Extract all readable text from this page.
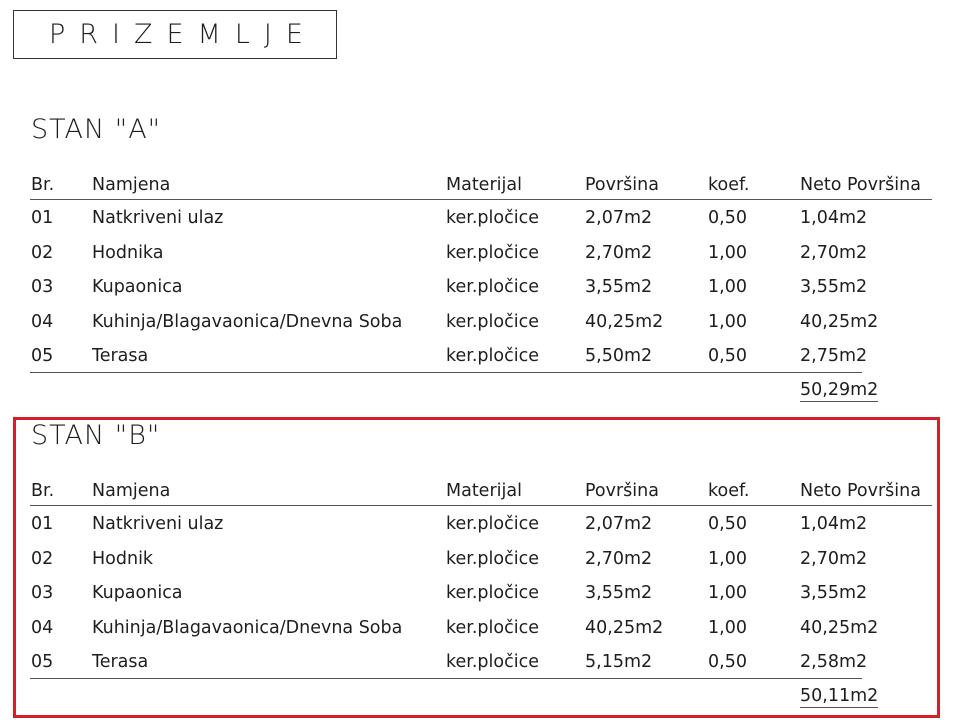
PRIZEMLJE
STAN "A"
Br. Namjena	Materijal	Površina	koef.	Neto Površina
01 Natkriveni ulaz	ker.pločice	2,07m2	0,50	1,04m2
02 Hodnika	ker.pločice	2,70m2	1,00	2,70m2
03 Kupaonica	ker.pločice	3,55m2	1,00	3,55m2
04 Kuhinja/Blagavaonica/Dnevna Soba ker.pločice	40,25m2	1,00	40,25m2
05 Terasa	ker.pločice	5,50m2	0,50	2,75m2
50,29m2
STAN "B"
Br. Namjena	Materijal	Površina	koef.	Neto Površina
01 Natkriveni ulaz	ker.pločice	2,07m2	0,50	1,04m2
02 Hodnik	ker.pločice	2,70m2	1,00	2,70m2
03 Kupaonica	ker.pločice	3,55m2	1,00	3,55m2
04 Kuhinja/Blagavaonica/Dnevna Soba ker.pločice	40,25m2	1,00	40,25m2
05 Terasa	ker.pločice	5,15m2	0,50	2,58m2
50,11m2
